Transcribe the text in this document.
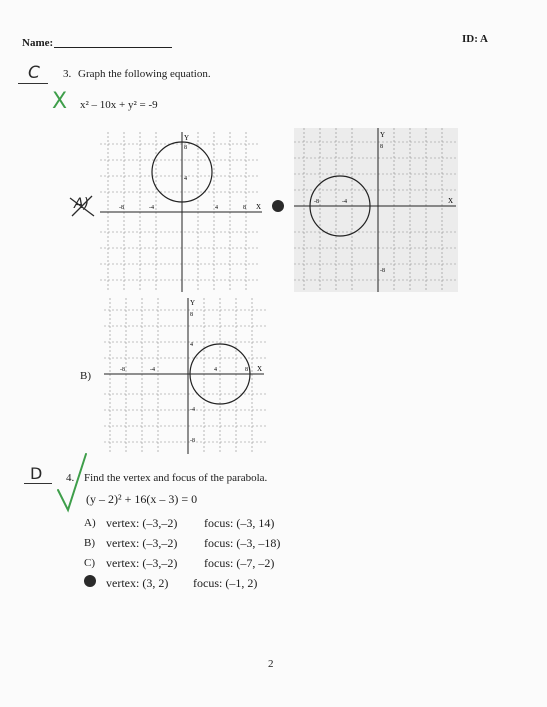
Name:	ID: A
C 3. Graph the following equation.
X x² – 10x + y² = -9
Y
X
8
4
-8	-4	4	8
A)
Y
X
8
-8
-8	-4
Y
X
8
4
-4
-8
-8	-4	4	8
B)
D 4. Find the vertex and focus of the parabola.
(y – 2)² + 16(x – 3) = 0
A) vertex: (–3,–2) focus: (–3, 14)
B) vertex: (–3,–2) focus: (–3, –18)
C) vertex: (–3,–2) focus: (–7, –2)
vertex: (3, 2) focus: (–1, 2)
2
